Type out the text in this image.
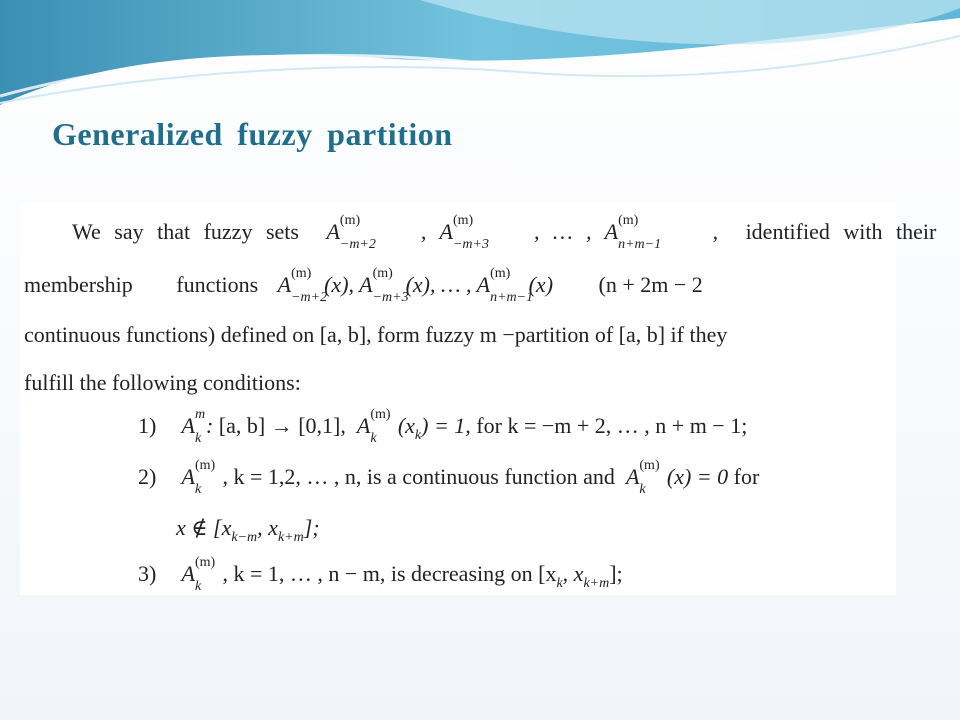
Generalized fuzzy partition
We say that fuzzy sets A (m)
−m+2
, A (m)
−m+3
, … , A (m)
n+m−1
, identified with their
membership functions A (m)
−m+2
(x), A (m)
−m+3
(x), … , A (m)
n+m−1
(x) (n + 2m − 2
continuous functions) defined on [a, b], form fuzzy m −partition of [a, b] if they
fulfill the following conditions:
1) A m
k
: [a, b] → [0,1],  A (m)
k
$(x_k) = 1$, for k = −m + 2, … , n + m − 1;
2) A (m)
k
, k = 1,2, … , n, is a continuous function and  A (m)
k
(x) = 0 for
x ∉ [$x_{k-m}$, $x_{k+m}$];
3) A (m)
k
, k = 1, … , n − m, is decreasing on [$x_k$, $x_{k+m}$];
